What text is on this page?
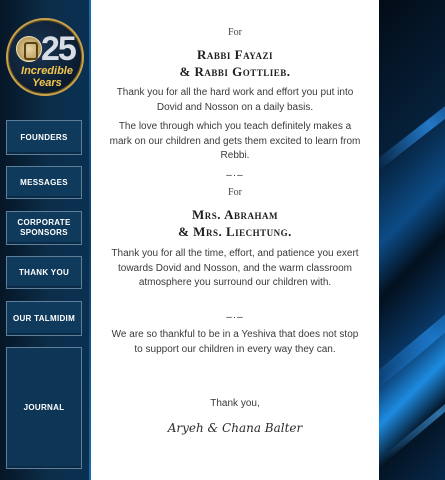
25
Incredible
Years
FOUNDERS
MESSAGES
CORPORATE
SPONSORS
THANK YOU
OUR TALMIDIM
JOURNAL
For
Rabbi Fayazi
& Rabbi Gottlieb.
Thank you for all the hard work and effort you put into Dovid and Nosson on a daily basis.
The love through which you teach definitely makes a mark on our children and gets them excited to learn from Rebbi.
–·–
For
Mrs. Abraham
& Mrs. Liechtung.
Thank you for all the time, effort, and patience you exert towards Dovid and Nosson, and the warm classroom atmosphere you surround our children with.
–·–
We are so thankful to be in a Yeshiva that does not stop to support our children in every way they can.
Thank you,
Aryeh & Chana Balter
